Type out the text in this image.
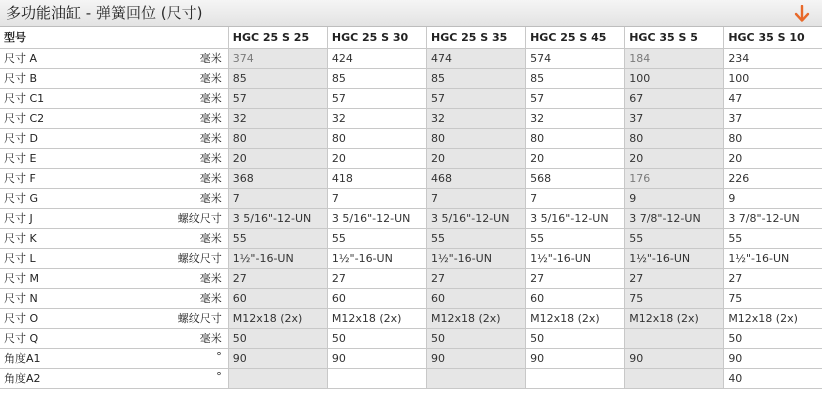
多功能油缸 - 弹簧回位 (尺寸)
型号	HGC 25 S 25	HGC 25 S 30	HGC 25 S 35	HGC 25 S 45	HGC 35 S 5	HGC 35 S 10

尺寸 A 毫米	374	424	474	574	184	234

尺寸 B 毫米	85	85	85	85	100	100

尺寸 C1 毫米	57	57	57	57	67	47

尺寸 C2 毫米	32	32	32	32	37	37

尺寸 D 毫米	80	80	80	80	80	80

尺寸 E 毫米	20	20	20	20	20	20

尺寸 F 毫米	368	418	468	568	176	226

尺寸 G 毫米	7	7	7	7	9	9

尺寸 J 螺纹尺寸	3 5/16"-12-UN	3 5/16"-12-UN	3 5/16"-12-UN	3 5/16"-12-UN	3 7/8"-12-UN	3 7/8"-12-UN

尺寸 K 毫米	55	55	55	55	55	55

尺寸 L 螺纹尺寸	1½"-16-UN	1½"-16-UN	1½"-16-UN	1½"-16-UN	1½"-16-UN	1½"-16-UN

尺寸 M 毫米	27	27	27	27	27	27

尺寸 N 毫米	60	60	60	60	75	75

尺寸 O 螺纹尺寸	M12x18 (2x)	M12x18 (2x)	M12x18 (2x)	M12x18 (2x)	M12x18 (2x)	M12x18 (2x)

尺寸 Q 毫米	50	50	50	50		50

角度A1 °	90	90	90	90	90	90

角度A2 °						40
